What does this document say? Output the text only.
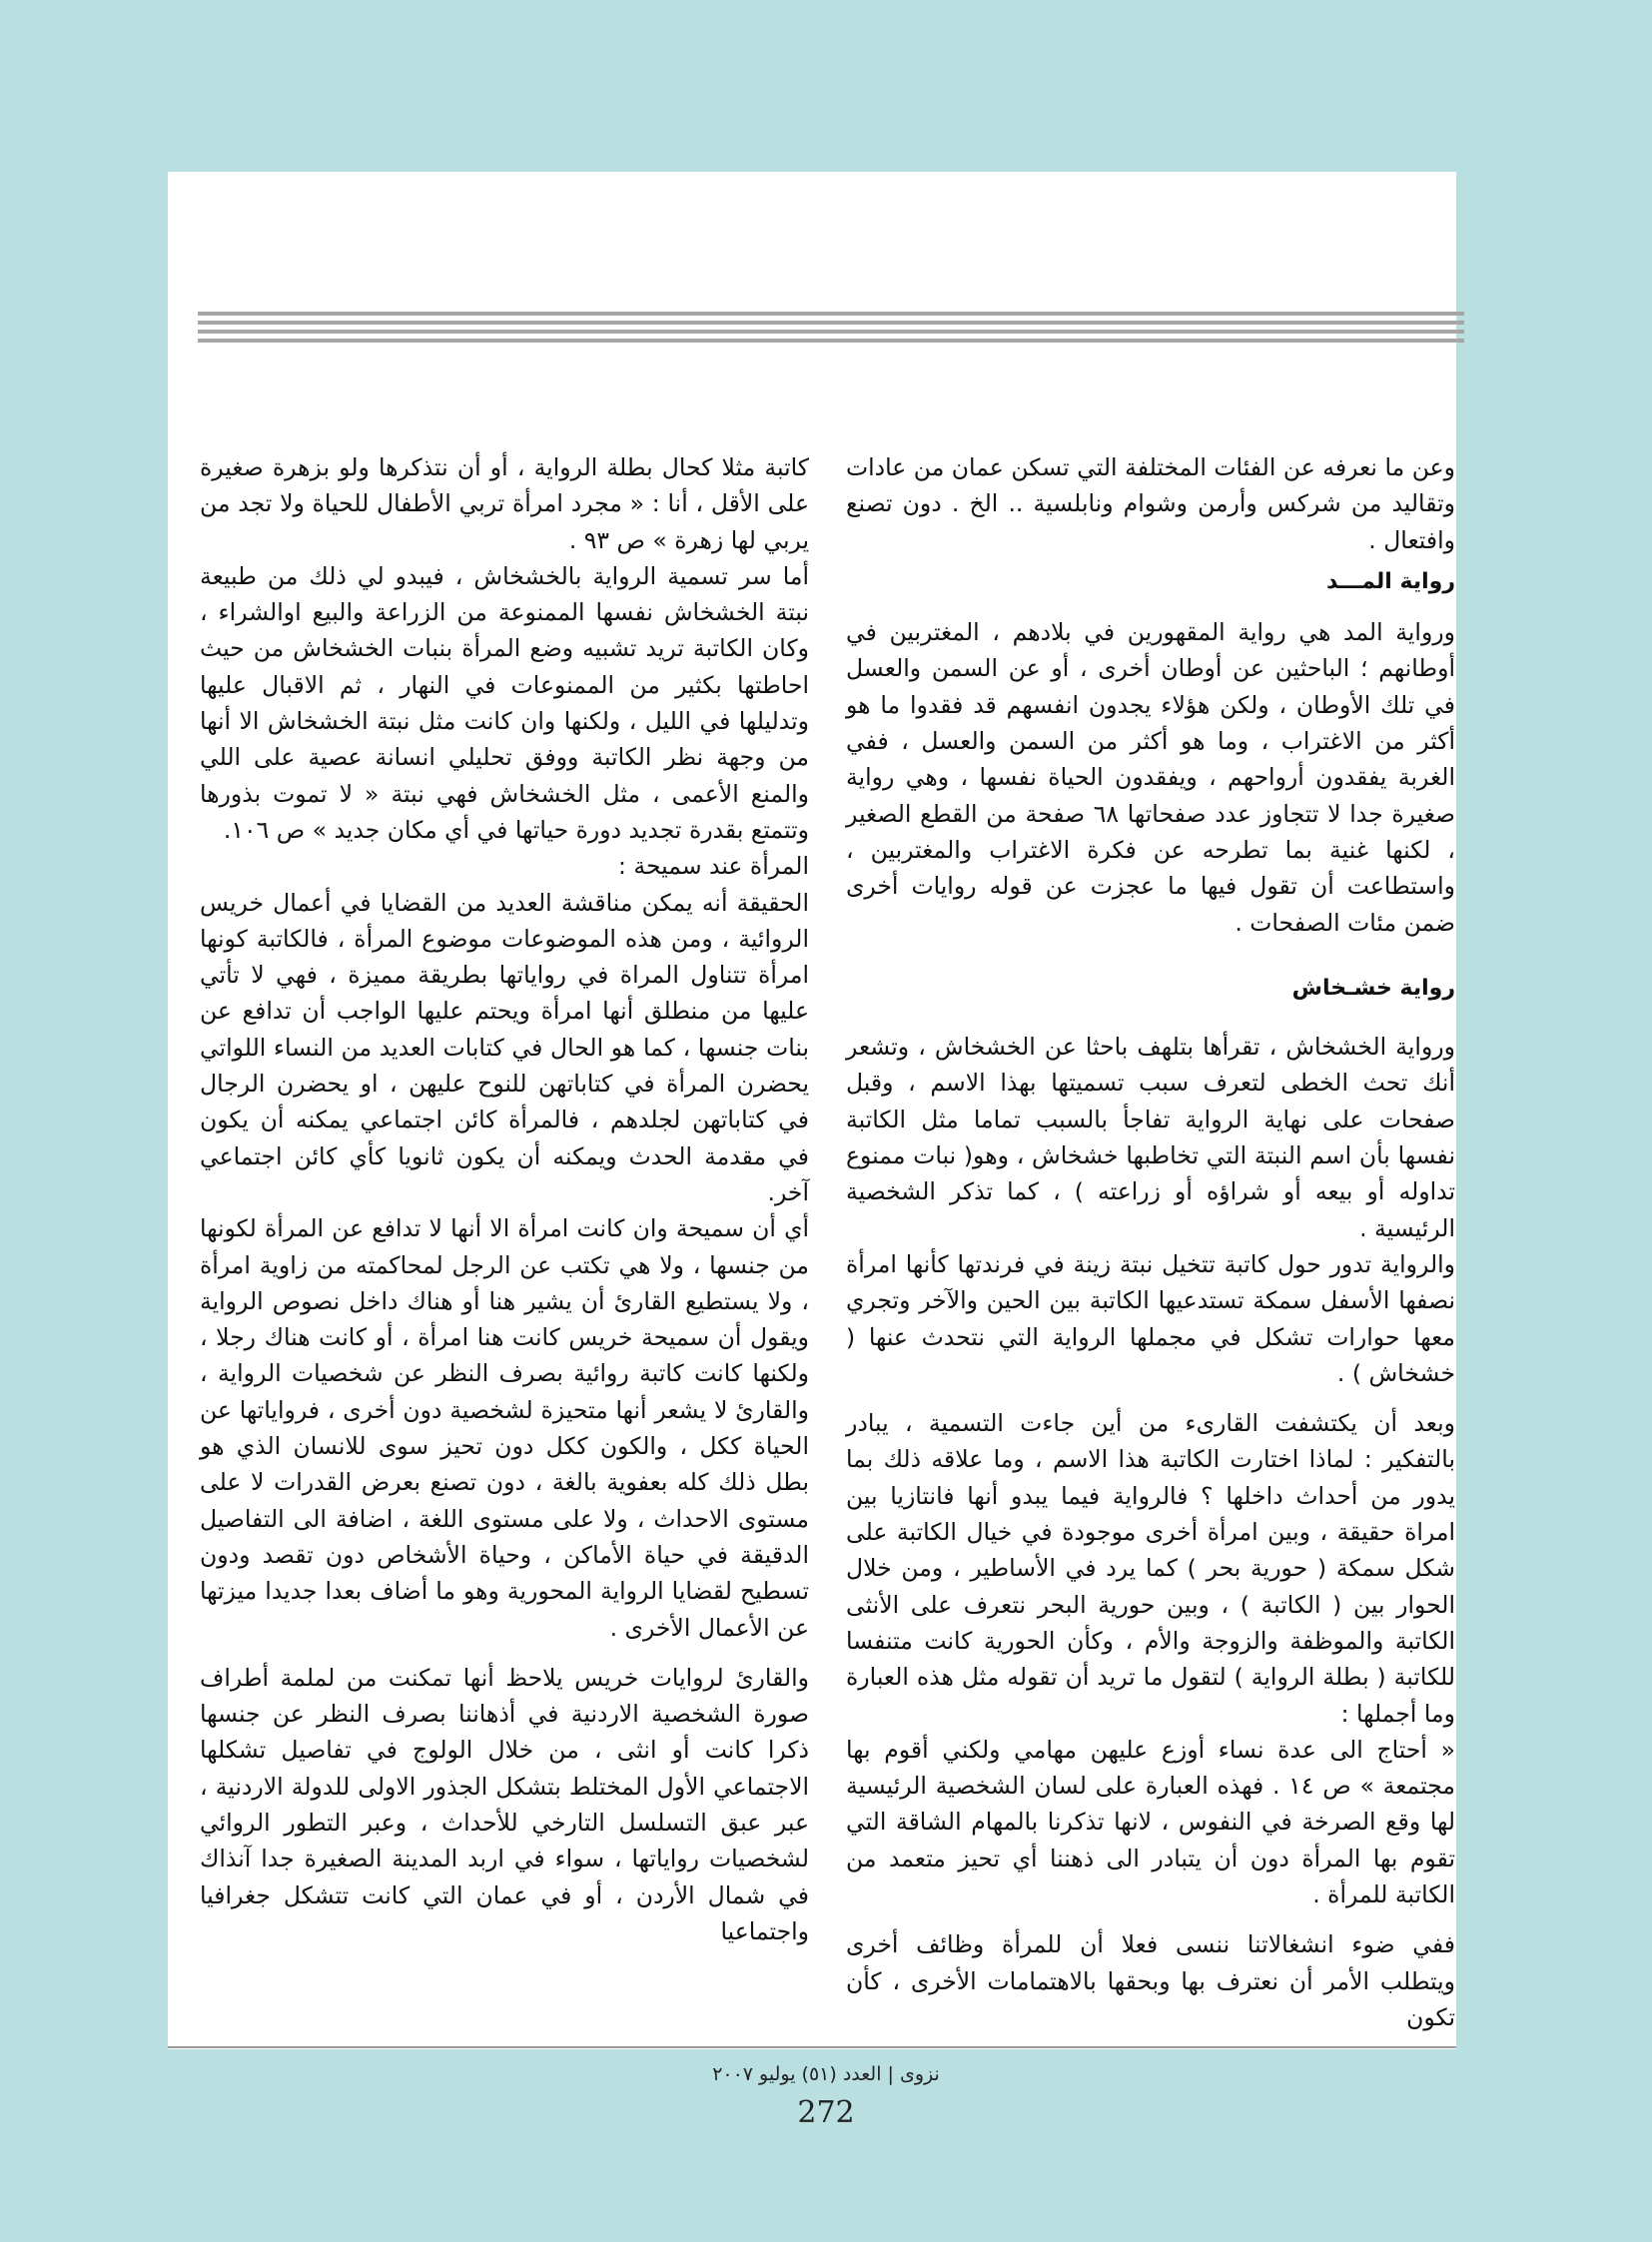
وعن ما نعرفه عن الفئات المختلفة التي تسكن عمان من عادات وتقاليد من شركس وأرمن وشوام ونابلسية .. الخ . دون تصنع وافتعال .

رواية المـــد

ورواية المد هي رواية المقهورين في بلادهم ، المغتربين في أوطانهم ؛ الباحثين عن أوطان أخرى ، أو عن السمن والعسل في تلك الأوطان ، ولكن هؤلاء يجدون انفسهم قد فقدوا ما هو أكثر من الاغتراب ، وما هو أكثر من السمن والعسل ، ففي الغربة يفقدون أرواحهم ، ويفقدون الحياة نفسها ، وهي رواية صغيرة جدا لا تتجاوز عدد صفحاتها ٦٨ صفحة من القطع الصغير ، لكنها غنية بما تطرحه عن فكرة الاغتراب والمغتربين ، واستطاعت أن تقول فيها ما عجزت عن قوله روايات أخرى ضمن مئات الصفحات .

رواية خشـخاش

ورواية الخشخاش ، تقرأها بتلهف باحثا عن الخشخاش ، وتشعر أنك تحث الخطى لتعرف سبب تسميتها بهذا الاسم ، وقبل صفحات على نهاية الرواية تفاجأ بالسبب تماما مثل الكاتبة نفسها بأن اسم النبتة التي تخاطبها خشخاش ، وهو( نبات ممنوع تداوله أو بيعه أو شراؤه أو زراعته ) ، كما تذكر الشخصية الرئيسية .

والرواية تدور حول كاتبة تتخيل نبتة زينة في فرندتها كأنها امرأة نصفها الأسفل سمكة تستدعيها الكاتبة بين الحين والآخر وتجري معها حوارات تشكل في مجملها الرواية التي نتحدث عنها ( خشخاش ) .

وبعد أن يكتشفت القارىء من أين جاءت التسمية ، يبادر بالتفكير : لماذا اختارت الكاتبة هذا الاسم ، وما علاقه ذلك بما يدور من أحداث داخلها ؟ فالرواية فيما يبدو أنها فانتازيا بين امراة حقيقة ، وبين امرأة أخرى موجودة في خيال الكاتبة على شكل سمكة ( حورية بحر ) كما يرد في الأساطير ، ومن خلال الحوار بين ( الكاتبة ) ، وبين حورية البحر نتعرف على الأنثى الكاتبة والموظفة والزوجة والأم ، وكأن الحورية كانت متنفسا للكاتبة ( بطلة الرواية ) لتقول ما تريد أن تقوله مثل هذه العبارة وما أجملها :

« أحتاج الى عدة نساء أوزع عليهن مهامي ولكني أقوم بها مجتمعة » ص ١٤ . فهذه العبارة على لسان الشخصية الرئيسية لها وقع الصرخة في النفوس ، لانها تذكرنا بالمهام الشاقة التي تقوم بها المرأة دون أن يتبادر الى ذهننا أي تحيز متعمد من الكاتبة للمرأة .

ففي ضوء انشغالاتنا ننسى فعلا أن للمرأة وظائف أخرى ويتطلب الأمر أن نعترف بها وبحقها بالاهتمامات الأخرى ، كأن تكون

كاتبة مثلا كحال بطلة الرواية ، أو أن نتذكرها ولو بزهرة صغيرة على الأقل ، أنا : « مجرد امرأة تربي الأطفال للحياة ولا تجد من يربي لها زهرة » ص ٩٣ .

أما سر تسمية الرواية بالخشخاش ، فيبدو لي ذلك من طبيعة نبتة الخشخاش نفسها الممنوعة من الزراعة والبيع اوالشراء ، وكان الكاتبة تريد تشبيه وضع المرأة بنبات الخشخاش من حيث احاطتها بكثير من الممنوعات في النهار ، ثم الاقبال عليها وتدليلها في الليل ، ولكنها وان كانت مثل نبتة الخشخاش الا أنها من وجهة نظر الكاتبة ووفق تحليلي انسانة عصية على اللي والمنع الأعمى ، مثل الخشخاش فهي نبتة « لا تموت بذورها وتتمتع بقدرة تجديد دورة حياتها في أي مكان جديد » ص ١٠٦.

المرأة عند سميحة :

الحقيقة أنه يمكن مناقشة العديد من القضايا في أعمال خريس الروائية ، ومن هذه الموضوعات موضوع المرأة ، فالكاتبة كونها امرأة تتناول المراة في رواياتها بطريقة مميزة ، فهي لا تأتي عليها من منطلق أنها امرأة ويحتم عليها الواجب أن تدافع عن بنات جنسها ، كما هو الحال في كتابات العديد من النساء اللواتي يحضرن المرأة في كتاباتهن للنوح عليهن ، او يحضرن الرجال في كتاباتهن لجلدهم ، فالمرأة كائن اجتماعي يمكنه أن يكون في مقدمة الحدث ويمكنه أن يكون ثانويا كأي كائن اجتماعي آخر.

أي أن سميحة وان كانت امرأة الا أنها لا تدافع عن المرأة لكونها من جنسها ، ولا هي تكتب عن الرجل لمحاكمته من زاوية امرأة ، ولا يستطيع القارئ أن يشير هنا أو هناك داخل نصوص الرواية ويقول أن سميحة خريس كانت هنا امرأة ، أو كانت هناك رجلا ، ولكنها كانت كاتبة روائية بصرف النظر عن شخصيات الرواية ، والقارئ لا يشعر أنها متحيزة لشخصية دون أخرى ، فرواياتها عن الحياة ككل ، والكون ككل دون تحيز سوى للانسان الذي هو بطل ذلك كله بعفوية بالغة ، دون تصنع بعرض القدرات لا على مستوى الاحداث ، ولا على مستوى اللغة ، اضافة الى التفاصيل الدقيقة في حياة الأماكن ، وحياة الأشخاص دون تقصد ودون تسطيح لقضايا الرواية المحورية وهو ما أضاف بعدا جديدا ميزتها عن الأعمال الأخرى .

والقارئ لروايات خريس يلاحظ أنها تمكنت من لملمة أطراف صورة الشخصية الاردنية في أذهاننا بصرف النظر عن جنسها ذكرا كانت أو انثى ، من خلال الولوج في تفاصيل تشكلها الاجتماعي الأول المختلط بتشكل الجذور الاولى للدولة الاردنية ، عبر عبق التسلسل التارخي للأحداث ، وعبر التطور الروائي لشخصيات رواياتها ، سواء في اربد المدينة الصغيرة جدا آنذاك في شمال الأردن ، أو في عمان التي كانت تتشكل جغرافيا واجتماعيا

نزوى | العدد (٥١) يوليو ٢٠٠٧
272
